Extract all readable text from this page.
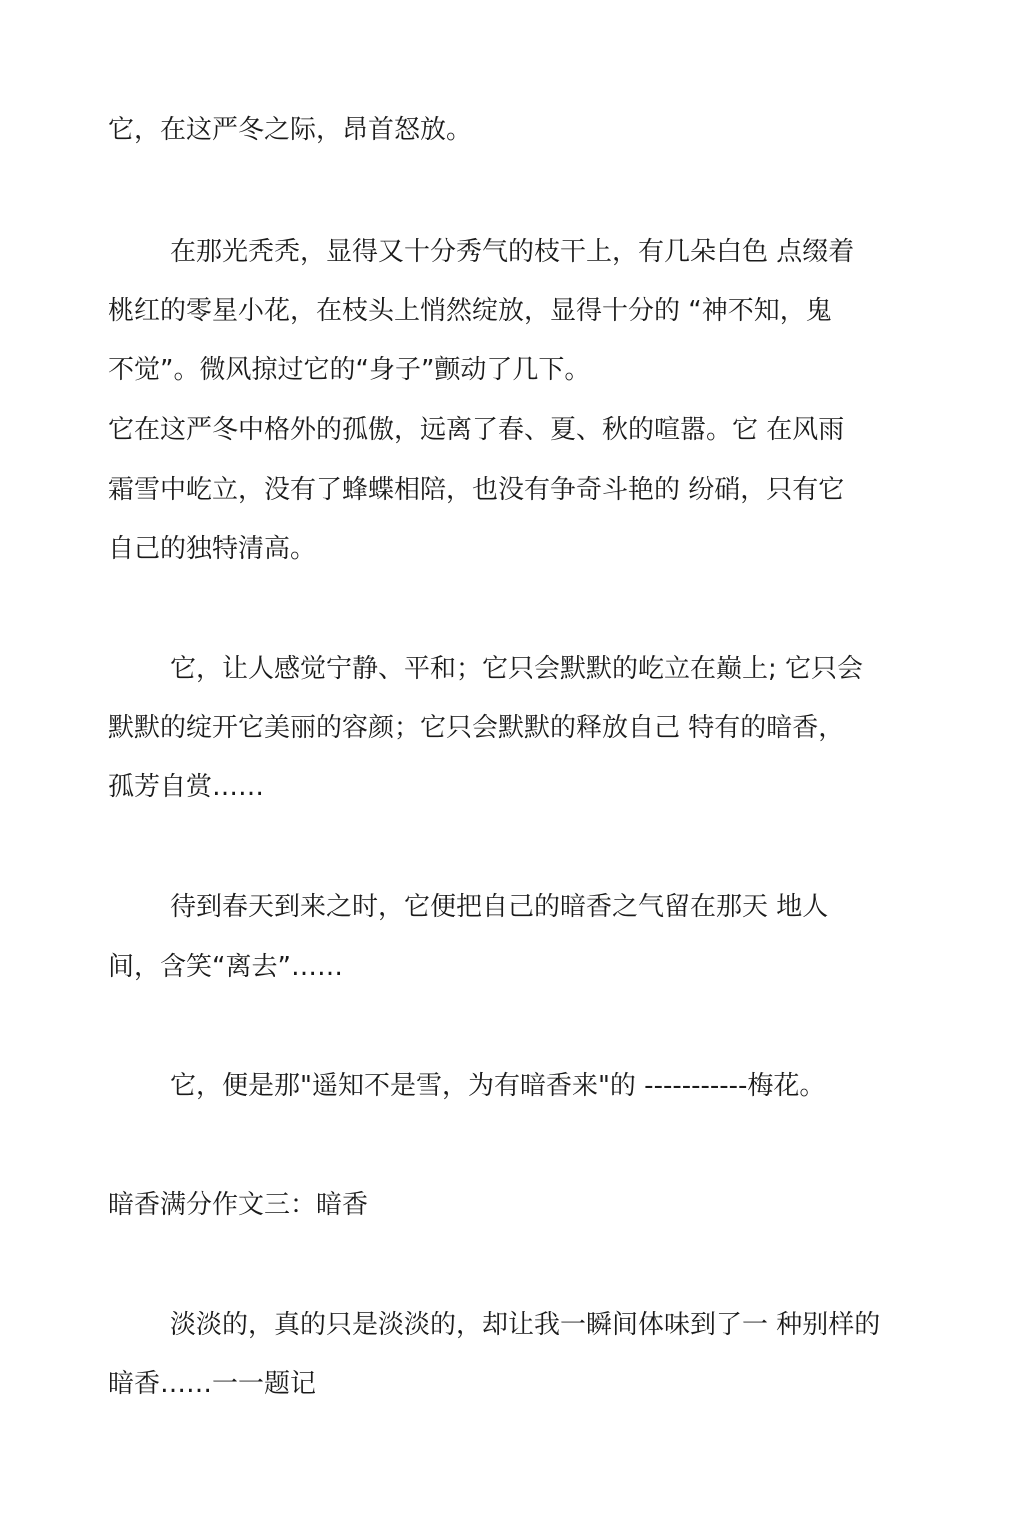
它，在这严冬之际，昂首怒放。
在那光秃秃，显得又十分秀气的枝干上，有几朵白色 点缀着
桃红的零星小花，在枝头上悄然绽放，显得十分的 “神不知，鬼
不觉”。微风掠过它的“身子”颤动了几下。
它在这严冬中格外的孤傲，远离了春、夏、秋的喧嚣。它 在风雨
霜雪中屹立，没有了蜂蝶相陪，也没有争奇斗艳的 纷硝，只有它
自己的独特清高。
它，让人感觉宁静、平和；它只会默默的屹立在巅上; 它只会
默默的绽开它美丽的容颜；它只会默默的释放自己 特有的暗香，
孤芳自赏……
待到春天到来之时，它便把自己的暗香之气留在那天 地人
间，含笑“离去”……
它，便是那"遥知不是雪，为有暗香来"的 -----------梅花。
暗香满分作文三：暗香
淡淡的，真的只是淡淡的，却让我一瞬间体味到了一 种别样的
暗香……一一题记
